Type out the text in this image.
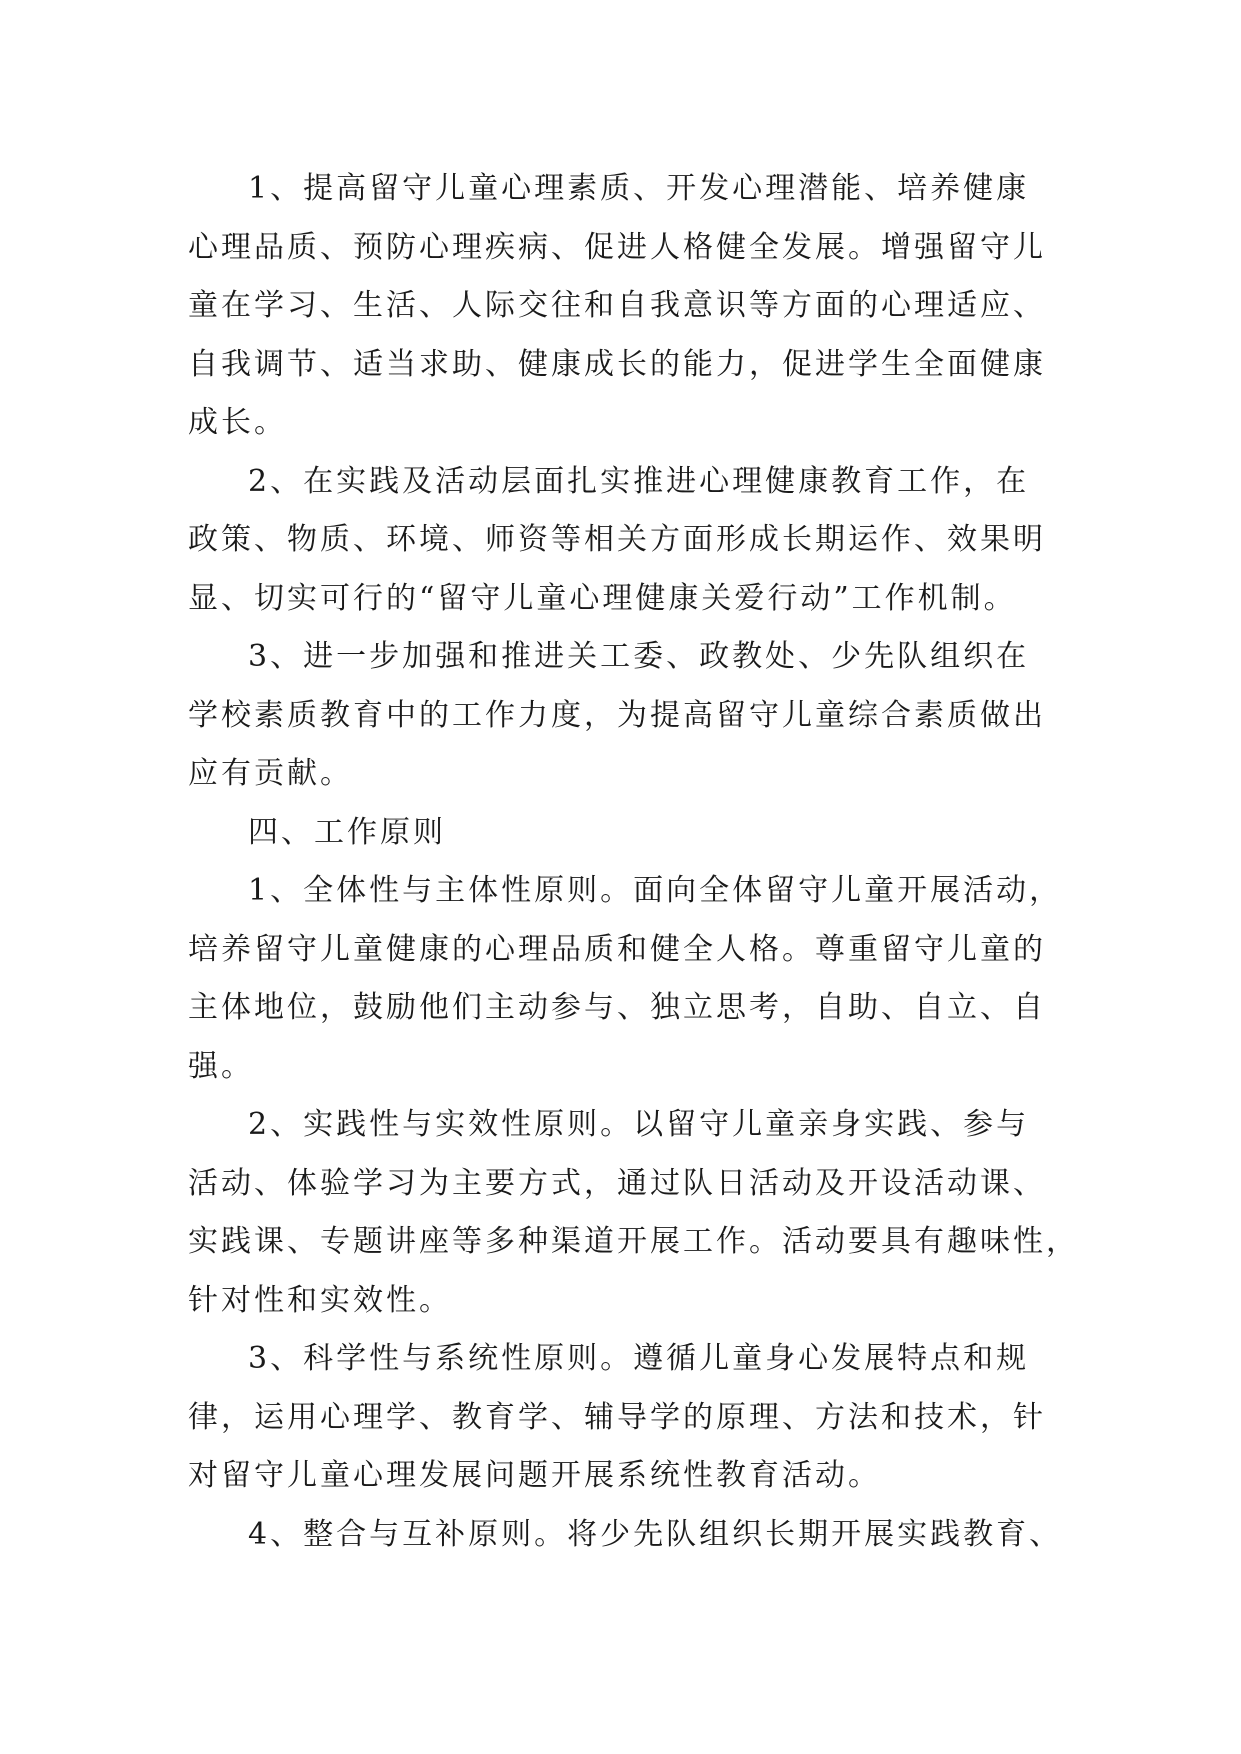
1、提高留守儿童心理素质、开发心理潜能、培养健康
心理品质、预防心理疾病、促进人格健全发展。增强留守儿
童在学习、生活、人际交往和自我意识等方面的心理适应、
自我调节、适当求助、健康成长的能力，促进学生全面健康
成长。
2、在实践及活动层面扎实推进心理健康教育工作，在
政策、物质、环境、师资等相关方面形成长期运作、效果明
显、切实可行的“留守儿童心理健康关爱行动”工作机制。
3、进一步加强和推进关工委、政教处、少先队组织在
学校素质教育中的工作力度，为提高留守儿童综合素质做出
应有贡献。
四、工作原则
1、全体性与主体性原则。面向全体留守儿童开展活动，
培养留守儿童健康的心理品质和健全人格。尊重留守儿童的
主体地位，鼓励他们主动参与、独立思考，自助、自立、自
强。
2、实践性与实效性原则。以留守儿童亲身实践、参与
活动、体验学习为主要方式，通过队日活动及开设活动课、
实践课、专题讲座等多种渠道开展工作。活动要具有趣味性，
针对性和实效性。
3、科学性与系统性原则。遵循儿童身心发展特点和规
律，运用心理学、教育学、辅导学的原理、方法和技术，针
对留守儿童心理发展问题开展系统性教育活动。
4、整合与互补原则。将少先队组织长期开展实践教育、
